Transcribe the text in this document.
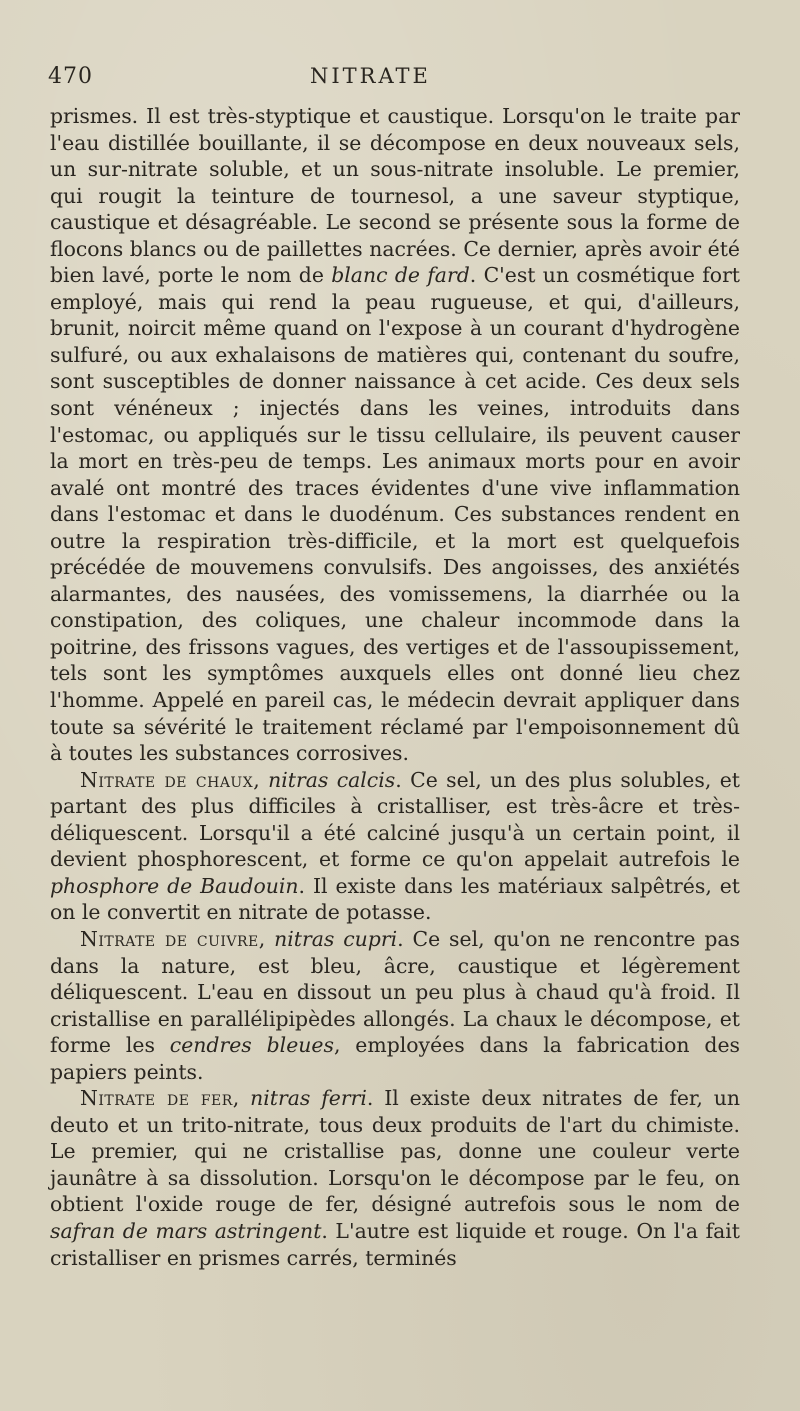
470	NITRATE

prismes. Il est très-styptique et caustique. Lorsqu'on le traite par l'eau distillée bouillante, il se décompose en deux nouveaux sels, un sur-nitrate soluble, et un sous-nitrate insoluble. Le premier, qui rougit la teinture de tournesol, a une saveur styptique, caustique et désagréable. Le second se présente sous la forme de flocons blancs ou de paillettes nacrées. Ce dernier, après avoir été bien lavé, porte le nom de blanc de fard. C'est un cosmétique fort employé, mais qui rend la peau rugueuse, et qui, d'ailleurs, brunit, noircit même quand on l'expose à un courant d'hydrogène sulfuré, ou aux exhalaisons de matières qui, contenant du soufre, sont susceptibles de donner naissance à cet acide. Ces deux sels sont vénéneux ; injectés dans les veines, introduits dans l'estomac, ou appliqués sur le tissu cellulaire, ils peuvent causer la mort en très-peu de temps. Les animaux morts pour en avoir avalé ont montré des traces évidentes d'une vive inflammation dans l'estomac et dans le duodénum. Ces substances rendent en outre la respiration très-difficile, et la mort est quelquefois précédée de mouvemens convulsifs. Des angoisses, des anxiétés alarmantes, des nausées, des vomissemens, la diarrhée ou la constipation, des coliques, une chaleur incommode dans la poitrine, des frissons vagues, des vertiges et de l'assoupissement, tels sont les symptômes auxquels elles ont donné lieu chez l'homme. Appelé en pareil cas, le médecin devrait appliquer dans toute sa sévérité le traitement réclamé par l'empoisonnement dû à toutes les substances corrosives.

Nitrate de chaux, nitras calcis. Ce sel, un des plus solubles, et partant des plus difficiles à cristalliser, est très-âcre et très-déliquescent. Lorsqu'il a été calciné jusqu'à un certain point, il devient phosphorescent, et forme ce qu'on appelait autrefois le phosphore de Baudouin. Il existe dans les matériaux salpêtrés, et on le convertit en nitrate de potasse.

Nitrate de cuivre, nitras cupri. Ce sel, qu'on ne rencontre pas dans la nature, est bleu, âcre, caustique et légèrement déliquescent. L'eau en dissout un peu plus à chaud qu'à froid. Il cristallise en parallélipipèdes allongés. La chaux le décompose, et forme les cendres bleues, employées dans la fabrication des papiers peints.

Nitrate de fer, nitras ferri. Il existe deux nitrates de fer, un deuto et un trito-nitrate, tous deux produits de l'art du chimiste. Le premier, qui ne cristallise pas, donne une couleur verte jaunâtre à sa dissolution. Lorsqu'on le décompose par le feu, on obtient l'oxide rouge de fer, désigné autrefois sous le nom de safran de mars astringent. L'autre est liquide et rouge. On l'a fait cristalliser en prismes carrés, terminés
